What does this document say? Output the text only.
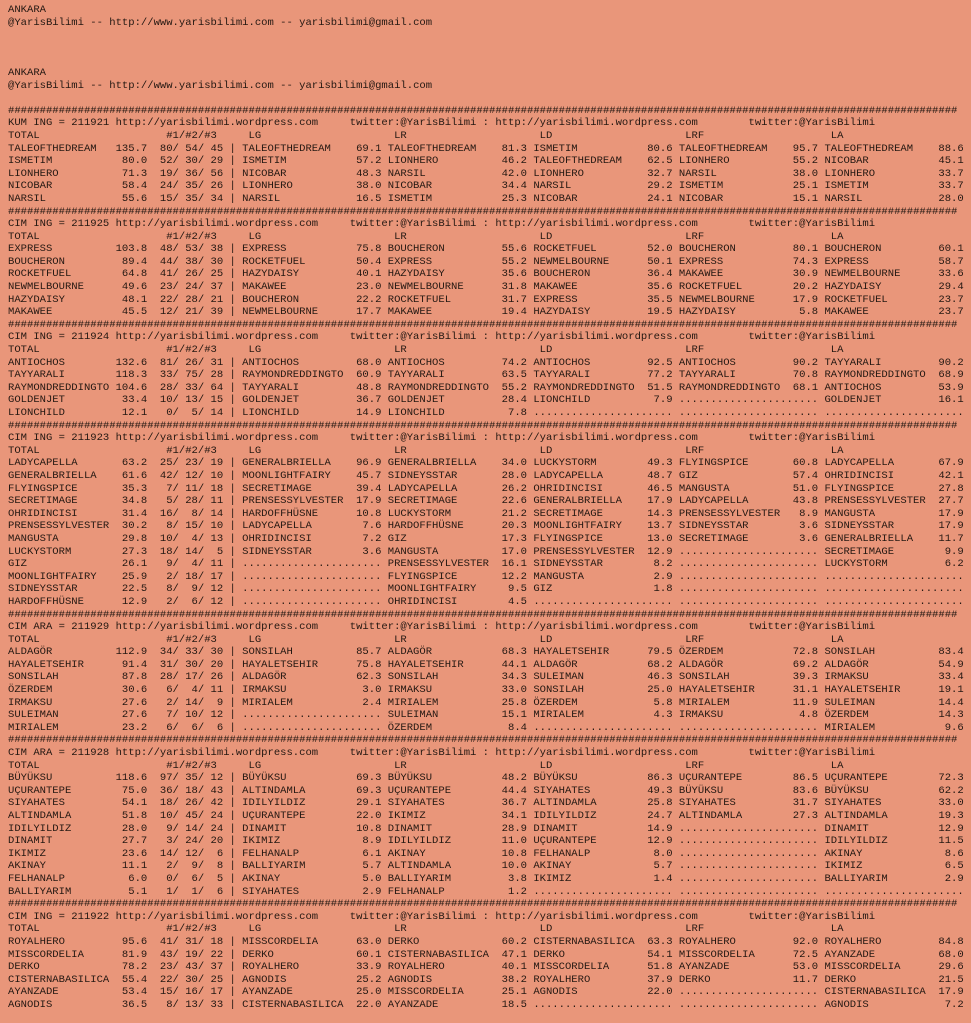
ANKARA
@YarisBilimi -- http://www.yarisbilimi.com -- yarisbilimi@gmail.com
ANKARA
@YarisBilimi -- http://www.yarisbilimi.com -- yarisbilimi@gmail.com
######################################################################################################################################################
KUM ING = 211921 http://yarisbilimi.wordpress.com	twitter:@YarisBilimi : http://yarisbilimi.wordpress.com	twitter:@YarisBilimi
TOTAL	#1/#2/#3	LG	LR	LD	LRF	LA
TALEOFTHEDREAM	135.7	80 / 54 / 45 | TALEOFTHEDREAM	69.1 TALEOFTHEDREAM	81.3 ISMETIM	80.6 TALEOFTHEDREAM	95.7 TALEOFTHEDREAM	88.6
ISMETIM	80.0	52 / 30 / 29 | ISMETIM	57.2 LIONHERO	46.2 TALEOFTHEDREAM	62.5 LIONHERO	55.2 NICOBAR	45.1
LIONHERO	71.3	19 / 36 / 56 | NICOBAR	48.3 NARSIL	42.0 LIONHERO	32.7 NARSIL	38.0 LIONHERO	33.7
NICOBAR	58.4	24 / 35 / 26 | LIONHERO	38.0 NICOBAR	34.4 NARSIL	29.2 ISMETIM	25.1 ISMETIM	33.7
NARSIL	55.6	15 / 35 / 34 | NARSIL	16.5 ISMETIM	25.3 NICOBAR	24.1 NICOBAR	15.1 NARSIL	28.0
######################################################################################################################################################
CIM ING = 211925 http://yarisbilimi.wordpress.com	twitter:@YarisBilimi : http://yarisbilimi.wordpress.com	twitter:@YarisBilimi
TOTAL	#1/#2/#3	LG	LR	LD	LRF	LA
EXPRESS	103.8	48 / 53 / 38 | EXPRESS	75.8 BOUCHERON	55.6 ROCKETFUEL	52.0 BOUCHERON	80.1 BOUCHERON	60.1
BOUCHERON	89.4	44 / 38 / 30 | ROCKETFUEL	50.4 EXPRESS	55.2 NEWMELBOURNE	50.1 EXPRESS	74.3 EXPRESS	58.7
ROCKETFUEL	64.8	41 / 26 / 25 | HAZYDAISY	40.1 HAZYDAISY	35.6 BOUCHERON	36.4 MAKAWEE	30.9 NEWMELBOURNE	33.6
NEWMELBOURNE	49.6	23 / 24 / 37 | MAKAWEE	23.0 NEWMELBOURNE	31.8 MAKAWEE	35.6 ROCKETFUEL	20.2 HAZYDAISY	29.4
HAZYDAISY	48.1	22 / 28 / 21 | BOUCHERON	22.2 ROCKETFUEL	31.7 EXPRESS	35.5 NEWMELBOURNE	17.9 ROCKETFUEL	23.7
MAKAWEE	45.5	12 / 21 / 39 | NEWMELBOURNE	17.7 MAKAWEE	19.4 HAZYDAISY	19.5 HAZYDAISY	5.8 MAKAWEE	23.7
######################################################################################################################################################
CIM ING = 211924 http://yarisbilimi.wordpress.com	twitter:@YarisBilimi : http://yarisbilimi.wordpress.com	twitter:@YarisBilimi
TOTAL	#1/#2/#3	LG	LR	LD	LRF	LA
ANTIOCHOS	132.6	81 / 26 / 31 | ANTIOCHOS	68.0 ANTIOCHOS	74.2 ANTIOCHOS	92.5 ANTIOCHOS	90.2 TAYYARALI	90.2
TAYYARALI	118.3	33 / 75 / 28 | RAYMONDREDDINGTO	60.9 TAYYARALI	63.5 TAYYARALI	77.2 TAYYARALI	70.8 RAYMONDREDDINGTO	68.9
RAYMONDREDDINGTO 104.6	28 / 33 / 64 | TAYYARALI	48.8 RAYMONDREDDINGTO	55.2 RAYMONDREDDINGTO	51.5 RAYMONDREDDINGTO	68.1 ANTIOCHOS	53.9
GOLDENJET	33.4	10 / 13 / 15 | GOLDENJET	36.7 GOLDENJET	28.4 LIONCHILD	7.9 ...................... GOLDENJET	16.1
LIONCHILD	12.1	0 /	5 / 14 | LIONCHILD	14.9 LIONCHILD	7.8 ...................... ...................... ......................
######################################################################################################################################################
CIM ING = 211923 http://yarisbilimi.wordpress.com	twitter:@YarisBilimi : http://yarisbilimi.wordpress.com	twitter:@YarisBilimi
TOTAL	#1/#2/#3	LG	LR	LD	LRF	LA
LADYCAPELLA	63.2	25 / 23 / 19 | GENERALBRIELLA	96.9 GENERALBRIELLA	34.0 LUCKYSTORM	49.3 FLYINGSPICE	60.8 LADYCAPELLA	67.9
GENERALBRIELLA	61.6	42 / 12 / 10 | MOONLIGHTFAIRY	45.7 SIDNEYSSTAR	28.0 LADYCAPELLA	48.7 GIZ	57.4 OHRIDINCISI	42.1
FLYINGSPICE	35.3	7 / 11 / 18 | SECRETIMAGE	39.4 LADYCAPELLA	26.2 OHRIDINCISI	46.5 MANGUSTA	51.0 FLYINGSPICE	27.8
SECRETIMAGE	34.8	5 / 28 / 11 | PRENSESSYLVESTER	17.9 SECRETIMAGE	22.6 GENERALBRIELLA	17.9 LADYCAPELLA	43.8 PRENSESSYLVESTER	27.7
OHRIDINCISI	31.4	16 /	8 / 14 | HARDOFFHÜSNE	10.8 LUCKYSTORM	21.2 SECRETIMAGE	14.3 PRENSESSYLVESTER	8.9 MANGUSTA	17.9
PRENSESSYLVESTER	30.2	8 / 15 / 10 | LADYCAPELLA	7.6 HARDOFFHÜSNE	20.3 MOONLIGHTFAIRY	13.7 SIDNEYSSTAR	3.6 SIDNEYSSTAR	17.9
MANGUSTA	29.8	10 /	4 / 13 | OHRIDINCISI	7.2 GIZ	17.3 FLYINGSPICE	13.0 SECRETIMAGE	3.6 GENERALBRIELLA	11.7
LUCKYSTORM	27.3	18 / 14 /	5 | SIDNEYSSTAR	3.6 MANGUSTA	17.0 PRENSESSYLVESTER	12.9 ...................... SECRETIMAGE	9.9
GIZ	26.1	9 /	4 / 11 | ...................... PRENSESSYLVESTER	16.1 SIDNEYSSTAR	8.2 ...................... LUCKYSTORM	6.2
MOONLIGHTFAIRY	25.9	2 / 18 / 17 | ...................... FLYINGSPICE	12.2 MANGUSTA	2.9 ...................... ......................
SIDNEYSSTAR	22.5	8 /	9 / 12 | ...................... MOONLIGHTFAIRY	9.5 GIZ	1.8 ...................... ......................
HARDOFFHÜSNE	12.9	2 /	6 / 12 | ...................... OHRIDINCISI	4.5 ...................... ...................... ......................
######################################################################################################################################################
CIM ARA = 211929 http://yarisbilimi.wordpress.com	twitter:@YarisBilimi : http://yarisbilimi.wordpress.com	twitter:@YarisBilimi
TOTAL	#1/#2/#3	LG	LR	LD	LRF	LA
ALDAGÖR	112.9	34 / 33 / 30 | SONSILAH	85.7 ALDAGÖR	68.3 HAYALETSEHIR	79.5 ÖZERDEM	72.8 SONSILAH	83.4
HAYALETSEHIR	91.4	31 / 30 / 20 | HAYALETSEHIR	75.8 HAYALETSEHIR	44.1 ALDAGÖR	68.2 ALDAGÖR	69.2 ALDAGÖR	54.9
SONSILAH	87.8	28 / 17 / 26 | ALDAGÖR	62.3 SONSILAH	34.3 SULEIMAN	46.3 SONSILAH	39.3 IRMAKSU	33.4
ÖZERDEM	30.6	6 /	4 / 11 | IRMAKSU	3.0 IRMAKSU	33.0 SONSILAH	25.0 HAYALETSEHIR	31.1 HAYALETSEHIR	19.1
IRMAKSU	27.6	2 / 14 /	9 | MIRIALEM	2.4 MIRIALEM	25.8 ÖZERDEM	5.8 MIRIALEM	11.9 SULEIMAN	14.4
SULEIMAN	27.6	7 / 10 / 12 | ...................... SULEIMAN	15.1 MIRIALEM	4.3 IRMAKSU	4.8 ÖZERDEM	14.3
MIRIALEM	23.2	6 /	6 /	6 | ...................... ÖZERDEM	8.4 ...................... ...................... MIRIALEM	9.6
######################################################################################################################################################
CIM ARA = 211928 http://yarisbilimi.wordpress.com	twitter:@YarisBilimi : http://yarisbilimi.wordpress.com	twitter:@YarisBilimi
TOTAL	#1/#2/#3	LG	LR	LD	LRF	LA
BÜYÜKSU	118.6	97 / 35 / 12 | BÜYÜKSU	69.3 BÜYÜKSU	48.2 BÜYÜKSU	86.3 UÇURANTEPE	86.5 UÇURANTEPE	72.3
UÇURANTEPE	75.0	36 / 18 / 43 | ALTINDAMLA	69.3 UÇURANTEPE	44.4 SIYAHATES	49.3 BÜYÜKSU	83.6 BÜYÜKSU	62.2
SIYAHATES	54.1	18 / 26 / 42 | IDILYILDIZ	29.1 SIYAHATES	36.7 ALTINDAMLA	25.8 SIYAHATES	31.7 SIYAHATES	33.0
ALTINDAMLA	51.8	10 / 45 / 24 | UÇURANTEPE	22.0 IKIMIZ	34.1 IDILYILDIZ	24.7 ALTINDAMLA	27.3 ALTINDAMLA	19.3
IDILYILDIZ	28.0	9 / 14 / 24 | DINAMIT	10.8 DINAMIT	28.9 DINAMIT	14.9 ...................... DINAMIT	12.9
DINAMIT	27.7	3 / 24 / 20 | IKIMIZ	8.9 IDILYILDIZ	11.0 UÇURANTEPE	12.9 ...................... IDILYILDIZ	11.5
IKIMIZ	23.6	14 / 12 /	6 | FELHANALP	6.1 AKINAY	10.8 FELHANALP	8.0 ...................... AKINAY	8.6
AKINAY	11.1	2 /	9 /	8 | BALLIYARIM	5.7 ALTINDAMLA	10.0 AKINAY	5.7 ...................... IKIMIZ	6.5
FELHANALP	6.0	0 /	6 /	5 | AKINAY	5.0 BALLIYARIM	3.8 IKIMIZ	1.4 ...................... BALLIYARIM	2.9
BALLIYARIM	5.1	1 /	1 /	6 | SIYAHATES	2.9 FELHANALP	1.2 ...................... ...................... ......................
######################################################################################################################################################
CIM ING = 211922 http://yarisbilimi.wordpress.com	twitter:@YarisBilimi : http://yarisbilimi.wordpress.com	twitter:@YarisBilimi
TOTAL	#1/#2/#3	LG	LR	LD	LRF	LA
ROYALHERO	95.6	41 / 31 / 18 | MISSCORDELIA	63.0 DERKO	60.2 CISTERNABASILICA	63.3 ROYALHERO	92.0 ROYALHERO	84.8
MISSCORDELIA	81.9	43 / 19 / 22 | DERKO	60.1 CISTERNABASILICA	47.1 DERKO	54.1 MISSCORDELIA	72.5 AYANZADE	68.0
DERKO	78.2	23 / 43 / 37 | ROYALHERO	33.9 ROYALHERO	40.1 MISSCORDELIA	51.8 AYANZADE	53.0 MISSCORDELIA	29.6
CISTERNABASILICA	55.4	22 / 30 / 25 | AGNODIS	25.2 AGNODIS	38.2 ROYALHERO	37.9 DERKO	11.7 DERKO	21.5
AYANZADE	53.4	15 / 16 / 17 | AYANZADE	25.0 MISSCORDELIA	25.1 AGNODIS	22.0 ...................... CISTERNABASILICA	17.9
AGNODIS	36.5	8 / 13 / 33 | CISTERNABASILICA	22.0 AYANZADE	18.5 ...................... ...................... AGNODIS	7.2
